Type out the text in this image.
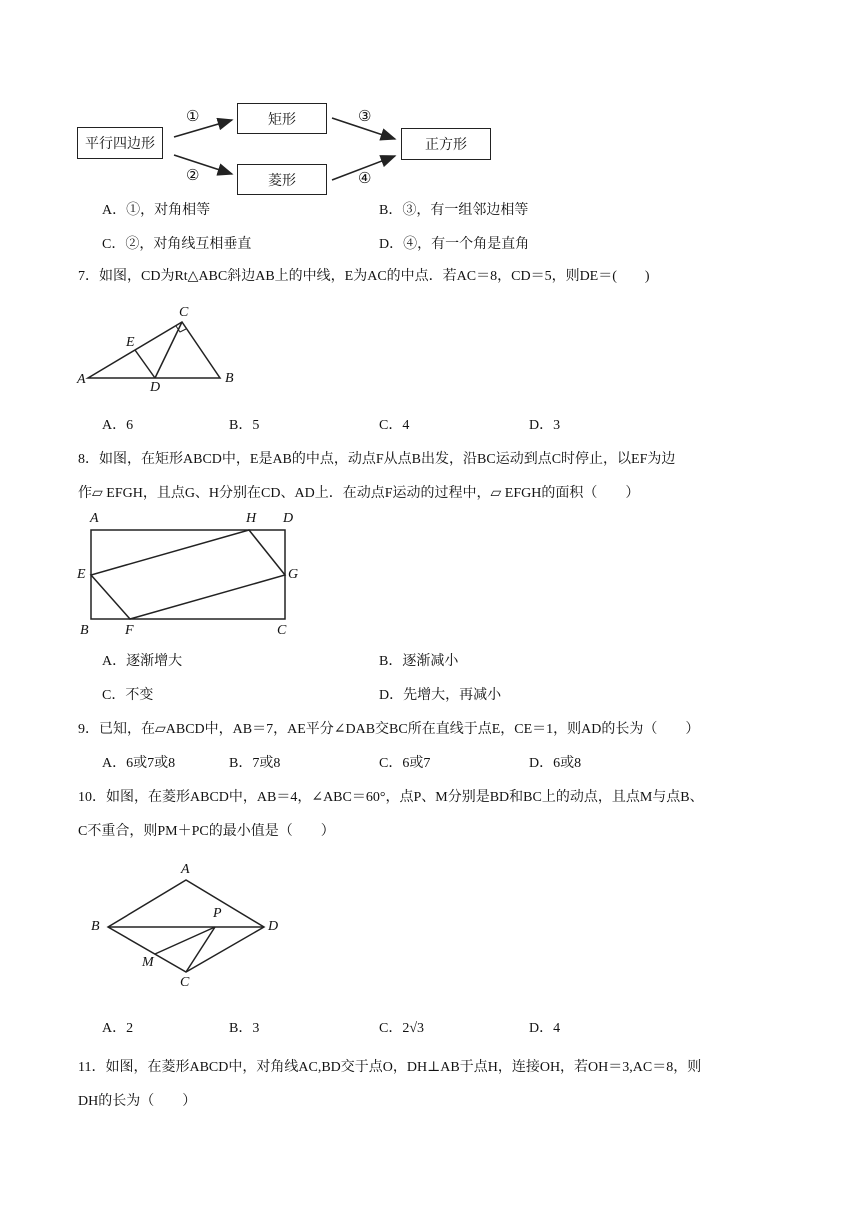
平行四边形
矩形
菱形
正方形
①
②
③
④
A．①，对角相等	B．③，有一组邻边相等
C．②，对角线互相垂直	D．④，有一个角是直角
7．如图，CD为Rt△ABC斜边AB上的中线，E为AC的中点．若AC＝8，CD＝5，则DE＝(　　)
C
E
A
D
B
A．6	B．5	C．4	D．3
8．如图，在矩形ABCD中，E是AB的中点，动点F从点B出发，沿BC运动到点C时停止，以EF为边
作▱ EFGH，且点G、H分别在CD、AD上．在动点F运动的过程中，▱ EFGH的面积（　　）
A	H D
E	G
B	F	C
A．逐渐增大	B．逐渐减小
C．不变	D．先增大，再减小
9．已知，在▱ABCD中，AB＝7，AE平分∠DAB交BC所在直线于点E，CE＝1，则AD的长为（　　）
A．6或7或8	B．7或8	C．6或7	D．6或8
10．如图，在菱形ABCD中，AB＝4，∠ABC＝60°，点P、M分别是BD和BC上的动点，且点M与点B、
C不重合，则PM＋PC的最小值是（　　）
A
B
P
D
M
C
A．2	B．3	C．2√3	D．4
11．如图，在菱形ABCD中，对角线AC,BD交于点O，DH⊥AB于点H，连接OH，若OH＝3,AC＝8，则
DH的长为（　　）
